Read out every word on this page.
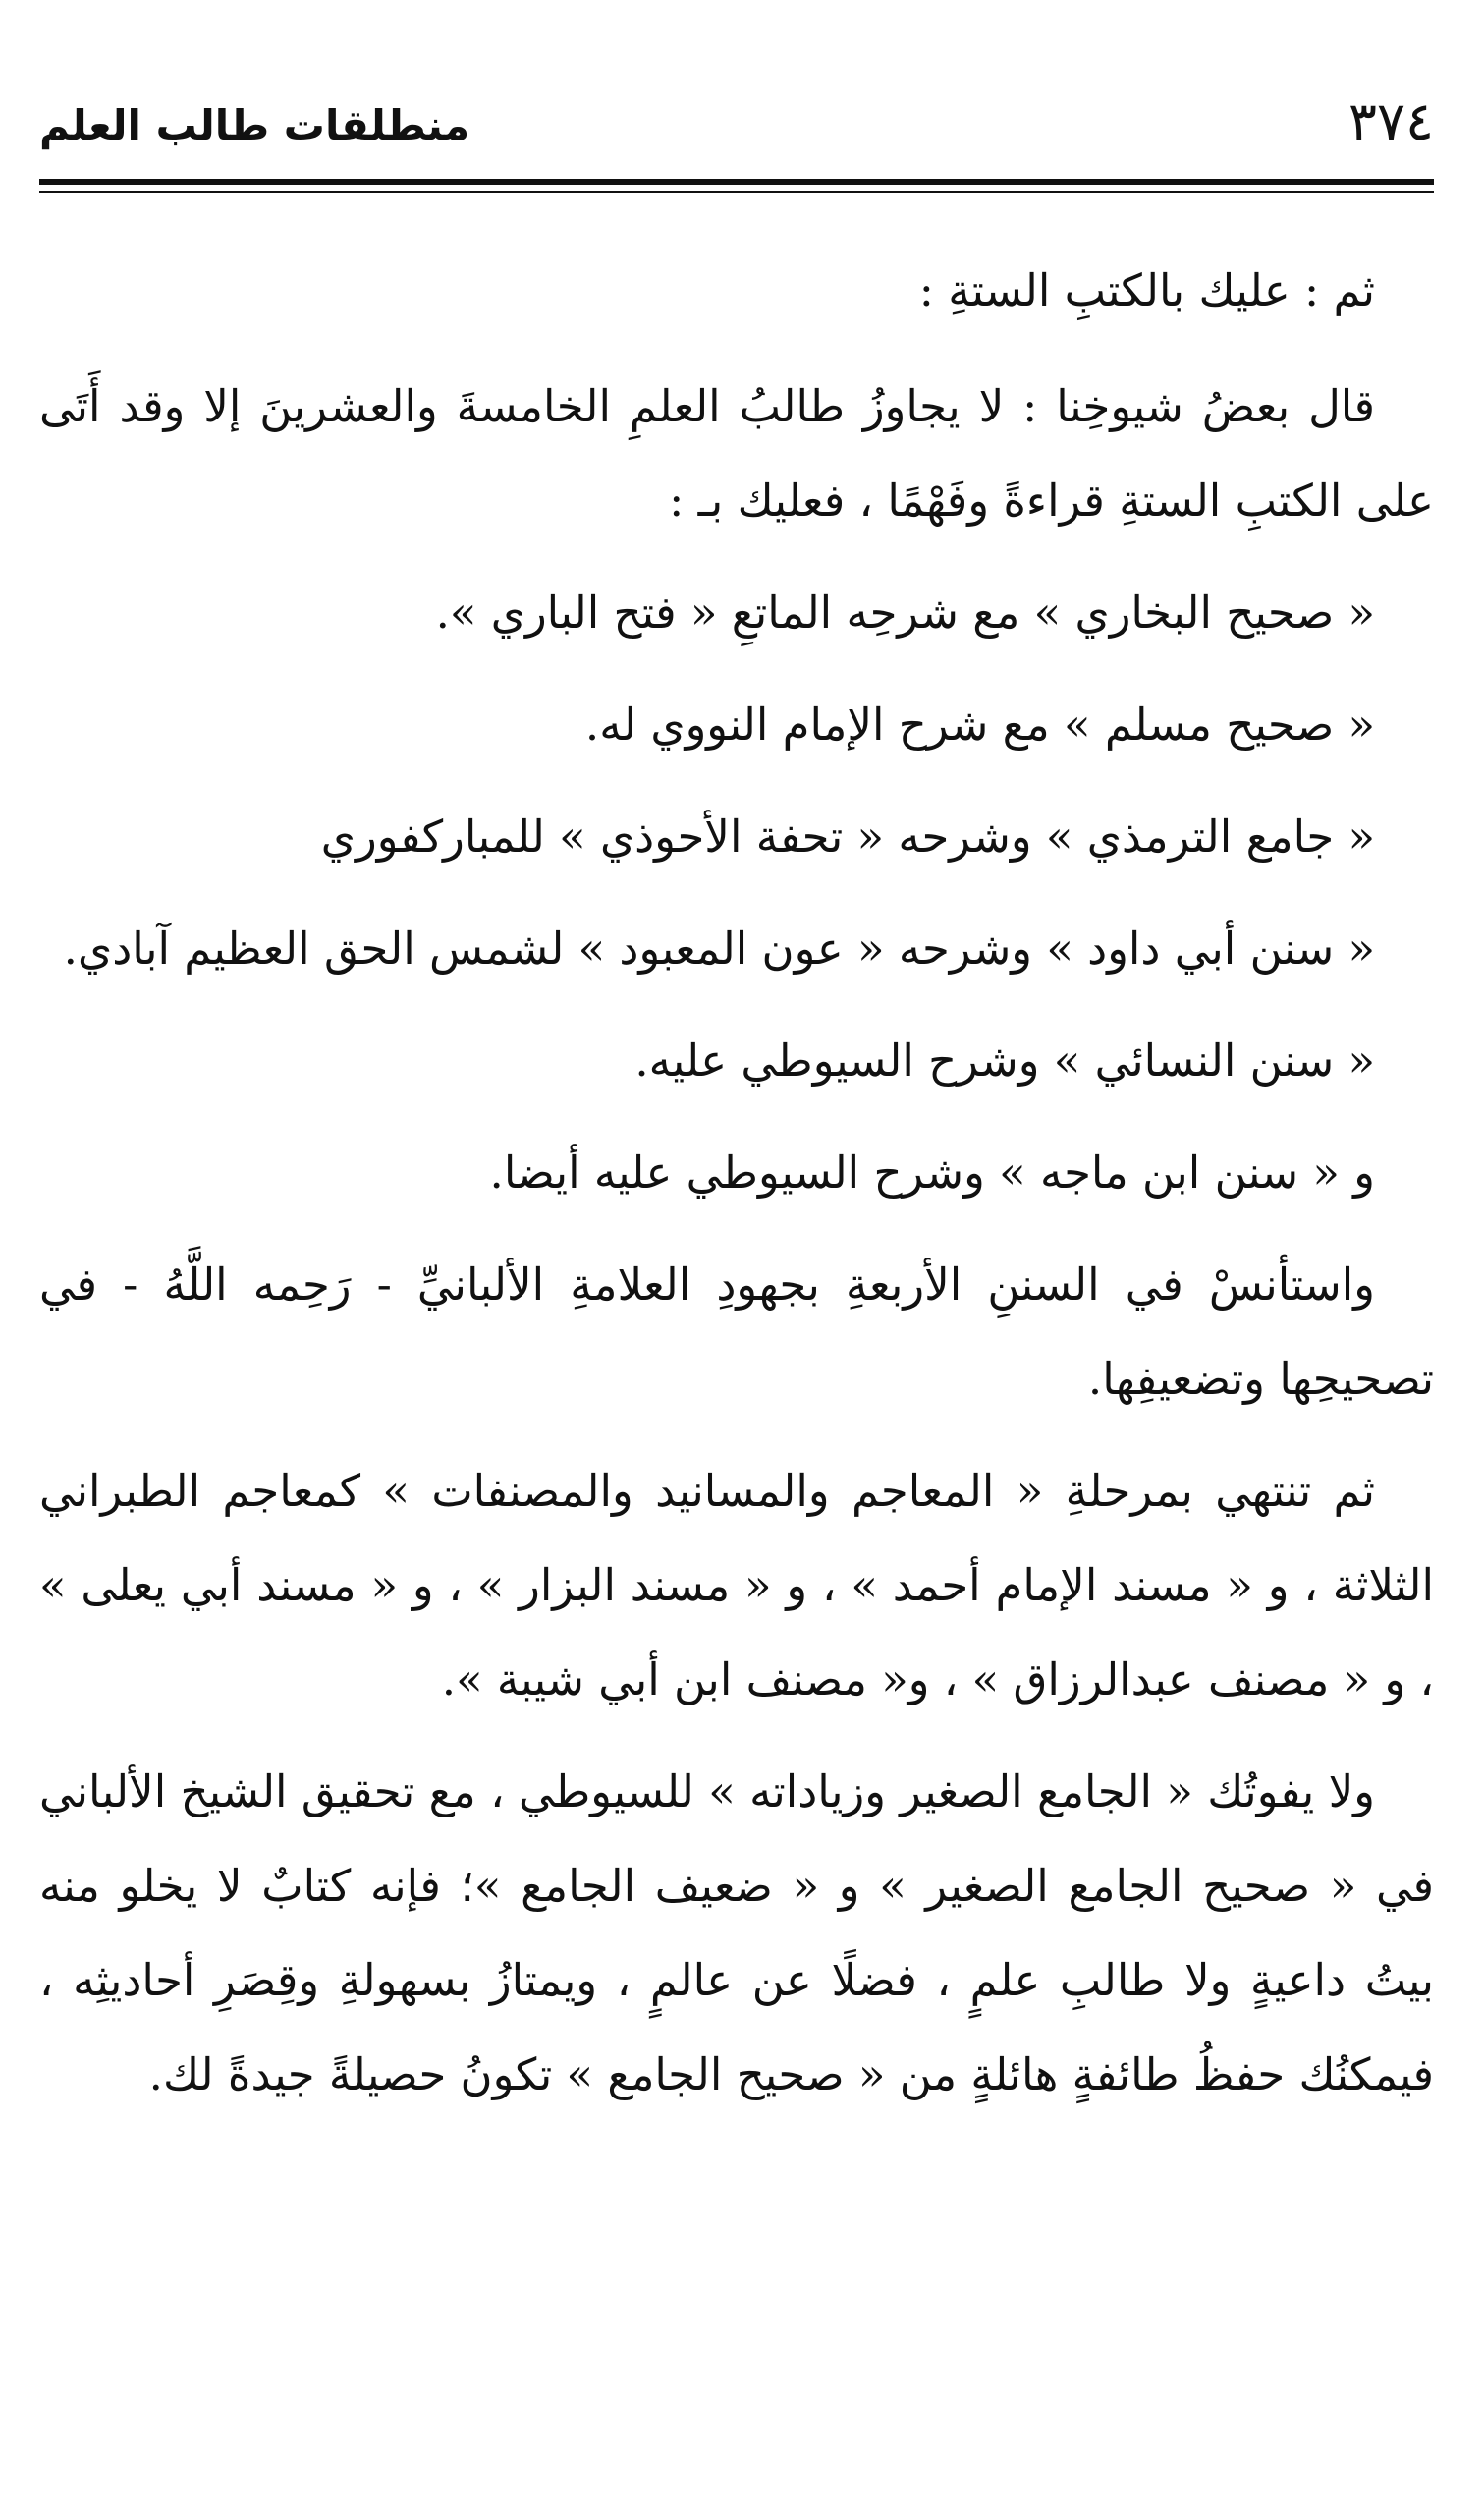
٣٧٤
منطلقات طالب العلم

ثم : عليك بالكتبِ الستةِ :

قال بعضُ شيوخِنا : لا يجاوزُ طالبُ العلمِ الخامسةَ والعشرينَ إلا وقد أَتَى على الكتبِ الستةِ قراءةً وفَهْمًا ، فعليك بـ :

« صحيح البخاري » مع شرحِه الماتعِ « فتح الباري ».

« صحيح مسلم » مع شرح الإمام النووي له.

« جامع الترمذي » وشرحه « تحفة الأحوذي » للمباركفوري

« سنن أبي داود » وشرحه « عون المعبود » لشمس الحق العظيم آبادي.

« سنن النسائي » وشرح السيوطي عليه.

و « سنن ابن ماجه » وشرح السيوطي عليه أيضا.

واستأنسْ في السننِ الأربعةِ بجهودِ العلامةِ الألبانيِّ - رَحِمه اللَّهُ - في تصحيحِها وتضعيفِها.

ثم تنتهي بمرحلةِ « المعاجم والمسانيد والمصنفات » كمعاجم الطبراني الثلاثة ، و « مسند الإمام أحمد » ، و « مسند البزار » ، و « مسند أبي يعلى » ، و « مصنف عبدالرزاق » ، و« مصنف ابن أبي شيبة ».

ولا يفوتُك « الجامع الصغير وزياداته » للسيوطي ، مع تحقيق الشيخ الألباني في « صحيح الجامع الصغير » و « ضعيف الجامع »؛ فإنه كتابٌ لا يخلو منه بيتُ داعيةٍ ولا طالبِ علمٍ ، فضلًا عن عالمٍ ، ويمتازُ بسهولةِ وقِصَرِ أحاديثِه ، فيمكنُك حفظُ طائفةٍ هائلةٍ من « صحيح الجامع » تكونُ حصيلةً جيدةً لك.
